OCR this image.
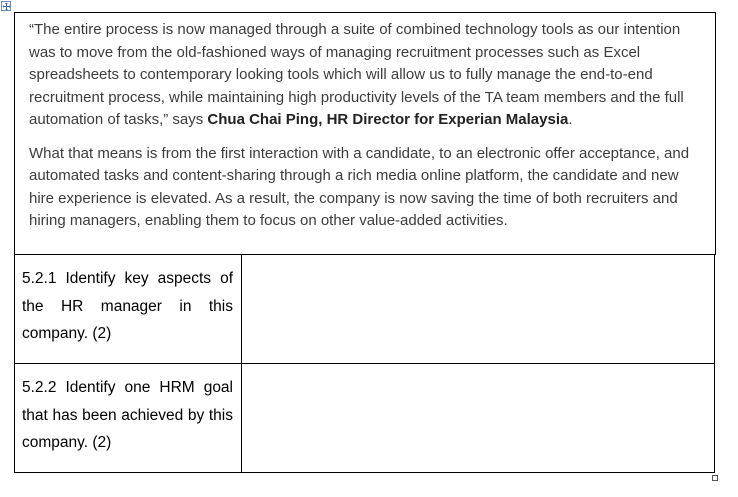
“The entire process is now managed through a suite of combined technology tools as our intention was to move from the old-fashioned ways of managing recruitment processes such as Excel spreadsheets to contemporary looking tools which will allow us to fully manage the end-to-end recruitment process, while maintaining high productivity levels of the TA team members and the full automation of tasks,” says Chua Chai Ping, HR Director for Experian Malaysia.

What that means is from the first interaction with a candidate, to an electronic offer acceptance, and automated tasks and content-sharing through a rich media online platform, the candidate and new hire experience is elevated. As a result, the company is now saving the time of both recruiters and hiring managers, enabling them to focus on other value-added activities.

5.2.1 Identify key aspects of the HR manager in this company. (2)	

5.2.2 Identify one HRM goal that has been achieved by this company. (2)	
